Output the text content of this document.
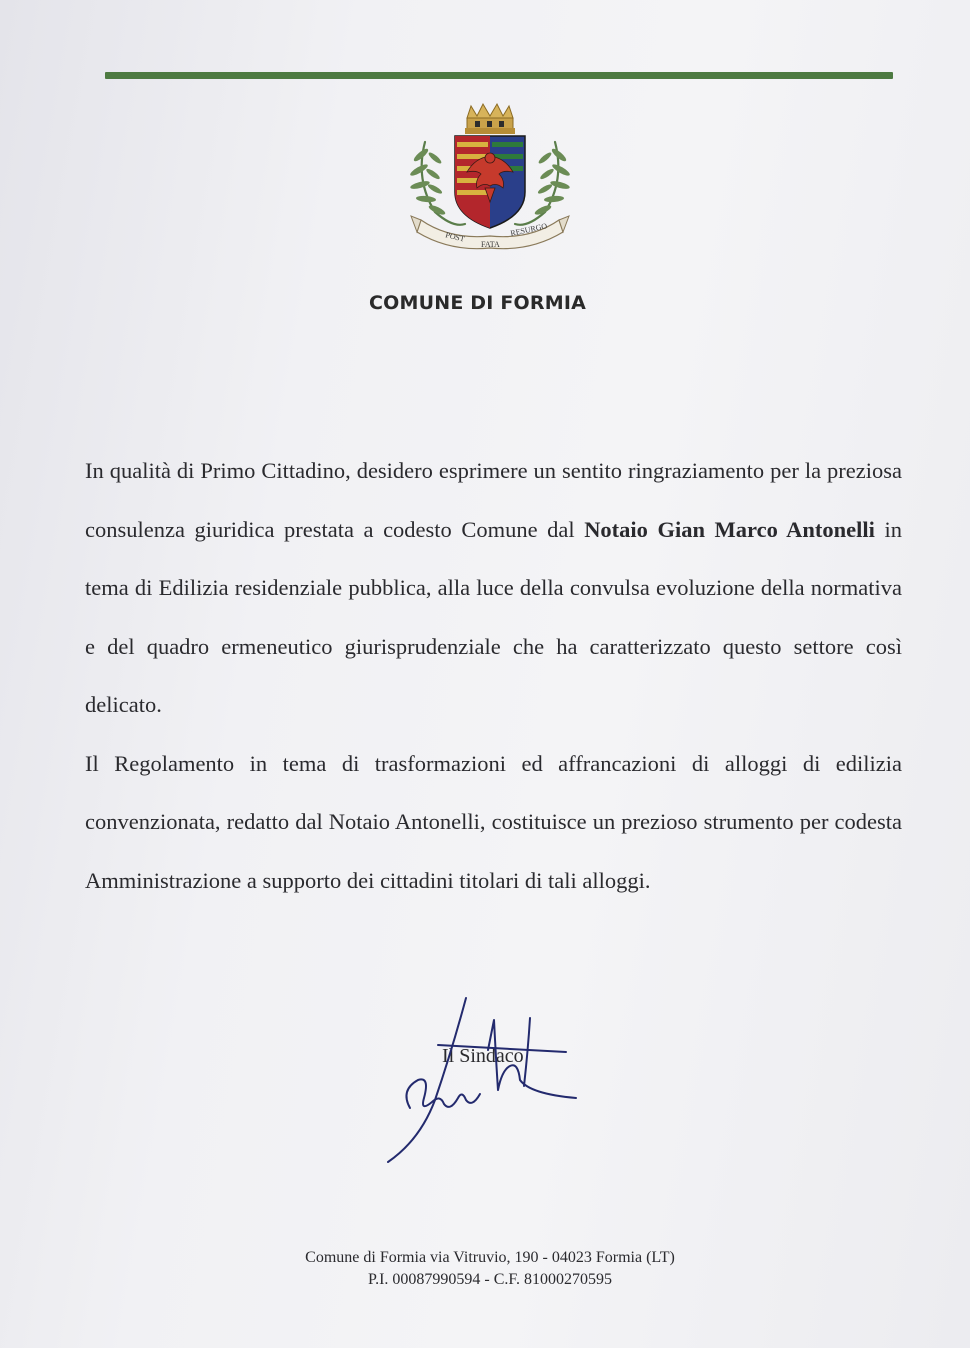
POST
FATA
RESURGO
COMUNE DI FORMIA

In qualità di Primo Cittadino, desidero esprimere un sentito ringraziamento per la preziosa consulenza giuridica prestata a codesto Comune dal Notaio Gian Marco Antonelli in tema di Edilizia residenziale pubblica, alla luce della convulsa evoluzione della normativa e del quadro ermeneutico giurisprudenziale che ha caratterizzato questo settore così delicato.

Il Regolamento in tema di trasformazioni ed affrancazioni di alloggi di edilizia convenzionata, redatto dal Notaio Antonelli, costituisce un prezioso strumento per codesta Amministrazione a supporto dei cittadini titolari di tali alloggi.

Il Sindaco
Comune di Formia via Vitruvio, 190 - 04023 Formia (LT)
P.I. 00087990594 - C.F. 81000270595
